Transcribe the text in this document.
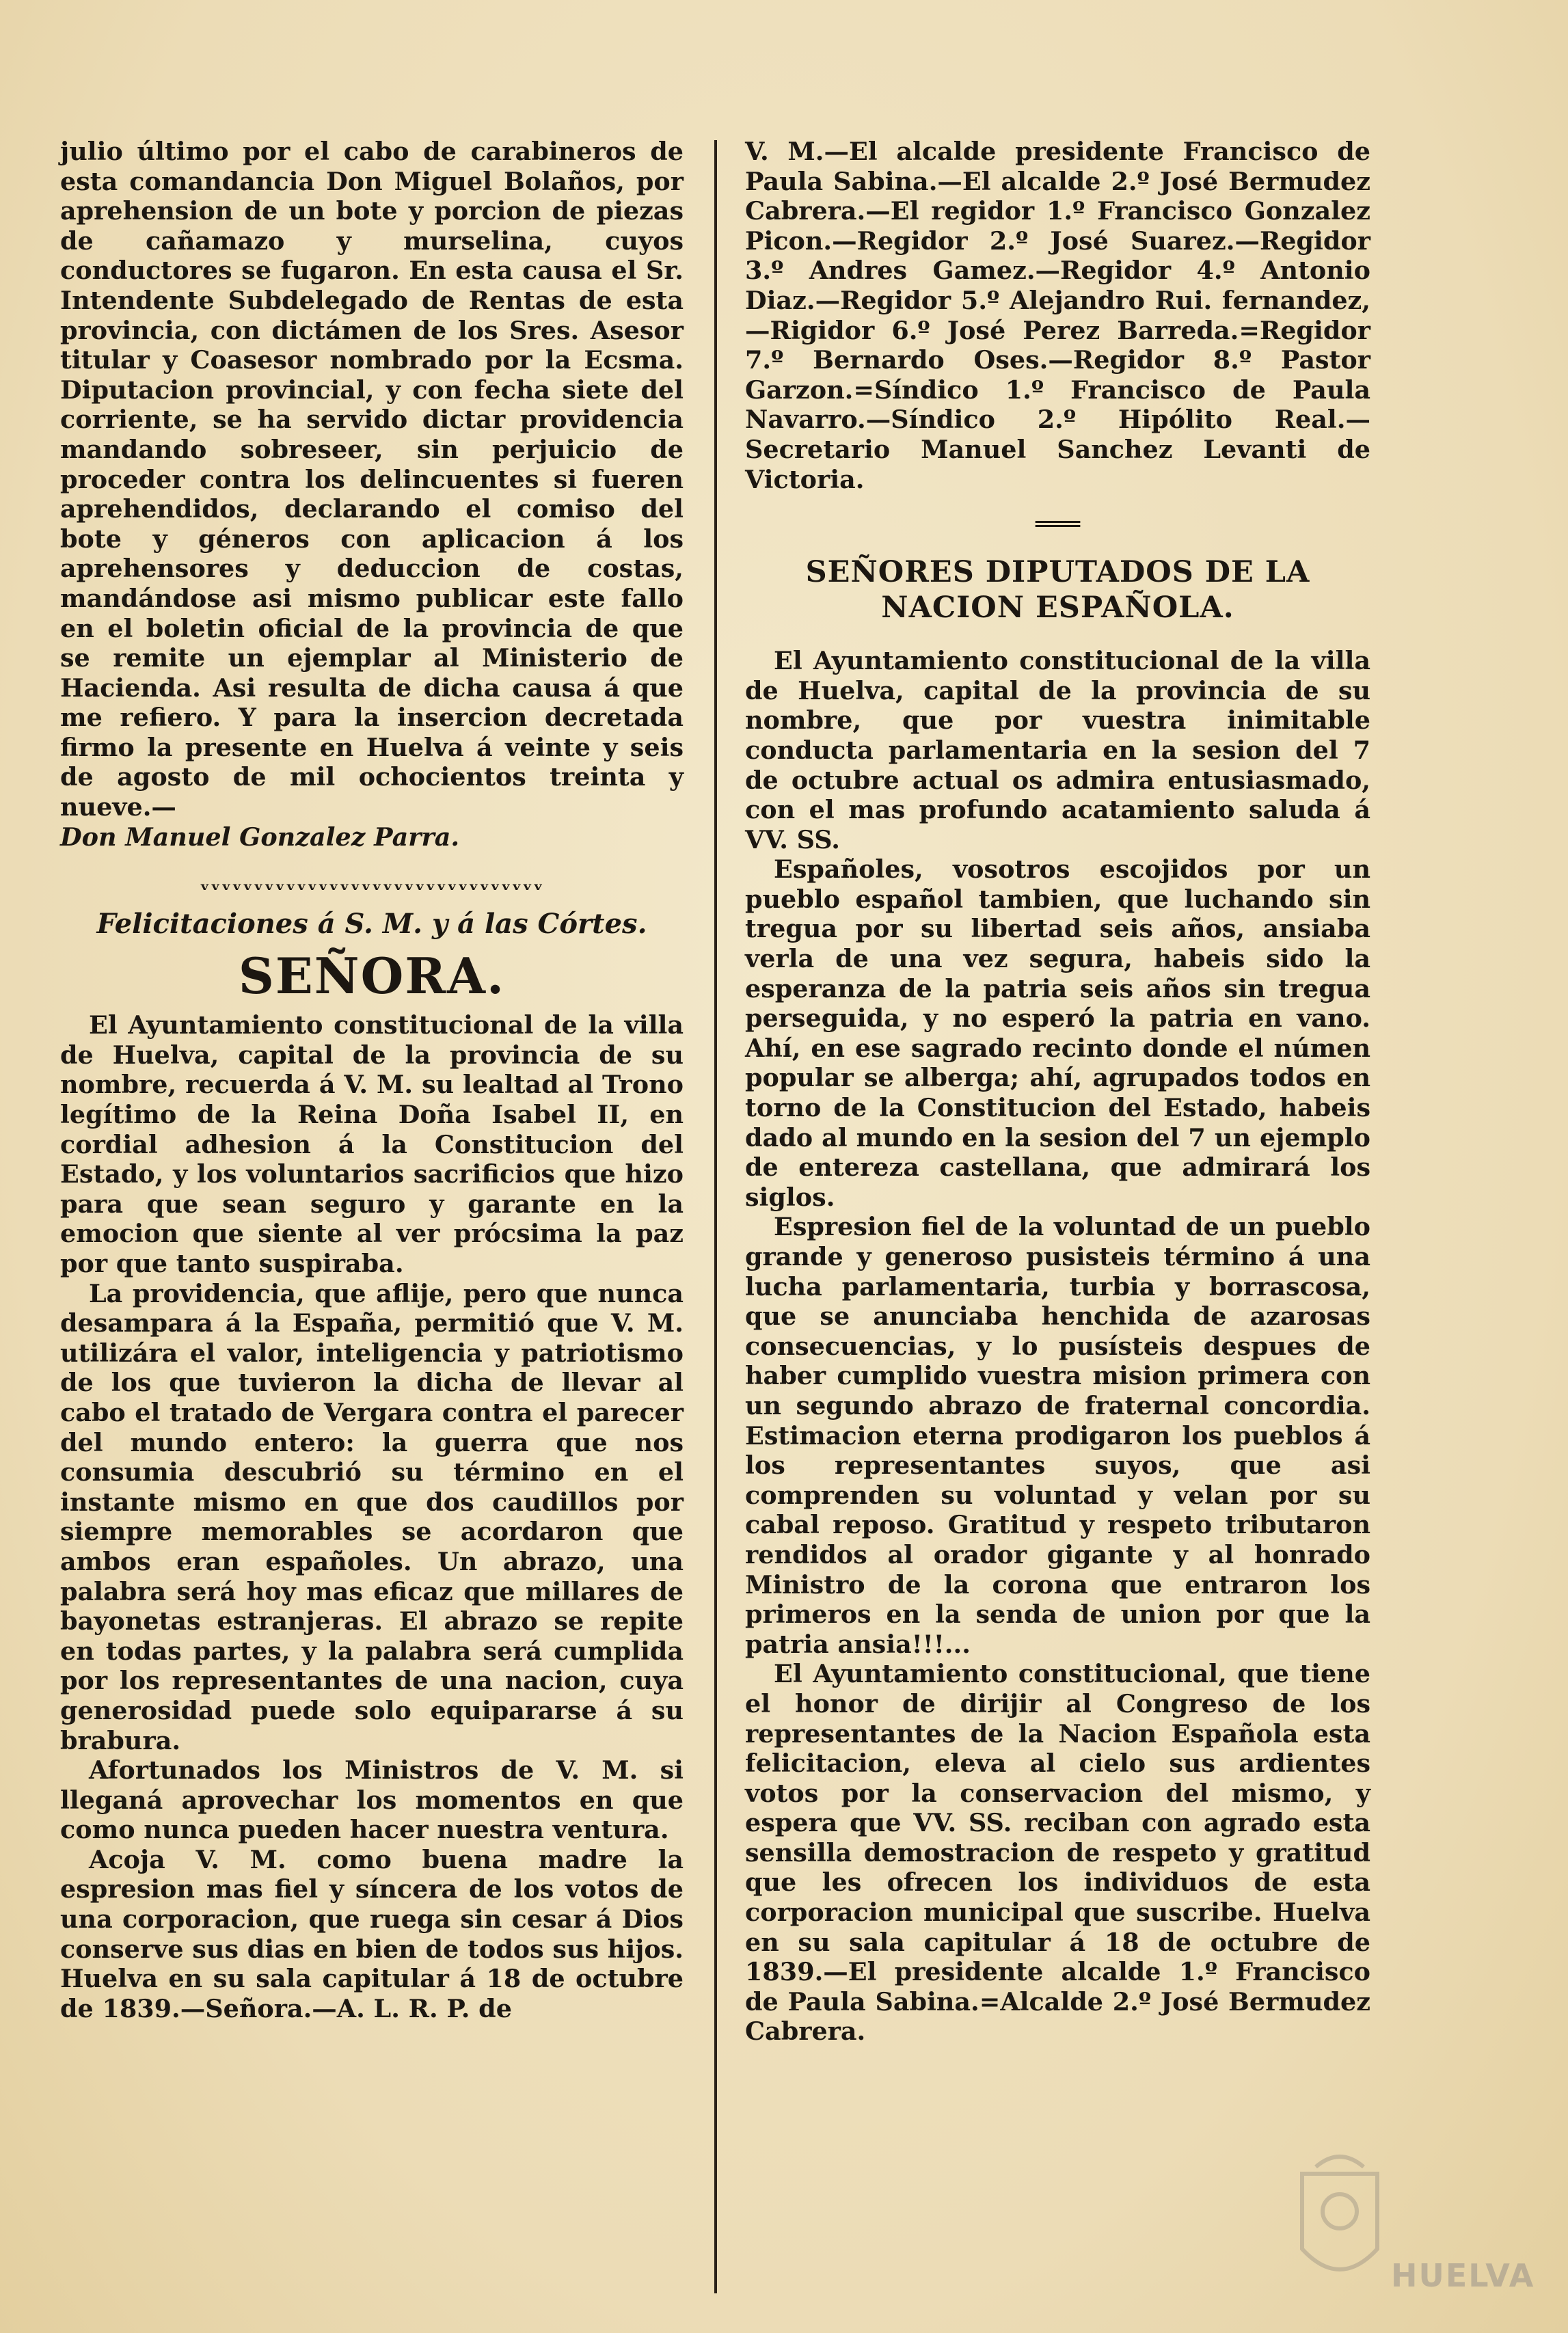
julio último por el cabo de carabineros de esta comandancia Don Miguel Bolaños, por aprehension de un bote y porcion de piezas de cañamazo y murselina, cuyos conductores se fugaron. En esta causa el Sr. Intendente Subdelegado de Rentas de esta provincia, con dictámen de los Sres. Asesor titular y Coasesor nombrado por la Ecsma. Diputacion provincial, y con fecha siete del corriente, se ha servido dictar providencia mandando sobreseer, sin perjuicio de proceder contra los delincuentes si fueren aprehendidos, declarando el comiso del bote y géneros con aplicacion á los aprehensores y deduccion de costas, mandándose asi mismo publicar este fallo en el boletin oficial de la provincia de que se remite un ejemplar al Ministerio de Hacienda. Asi resulta de dicha causa á que me refiero. Y para la insercion decretada firmo la presente en Huelva á veinte y seis de agosto de mil ochocientos treinta y nueve.—

Don Manuel Gonzalez Parra.

ᵥᵥᵥᵥᵥᵥᵥᵥᵥᵥᵥᵥᵥᵥᵥᵥᵥᵥᵥᵥᵥᵥᵥᵥᵥᵥᵥᵥᵥᵥᵥᵥ
Felicitaciones á S. M. y á las Córtes.
SEÑORA.

El Ayuntamiento constitucional de la villa de Huelva, capital de la provincia de su nombre, recuerda á V. M. su lealtad al Trono legítimo de la Reina Doña Isabel II, en cordial adhesion á la Constitucion del Estado, y los voluntarios sacrificios que hizo para que sean seguro y garante en la emocion que siente al ver prócsima la paz por que tanto suspiraba.

La providencia, que aflije, pero que nunca desampara á la España, permitió que V. M. utilizára el valor, inteligencia y patriotismo de los que tuvieron la dicha de llevar al cabo el tratado de Vergara contra el parecer del mundo entero: la guerra que nos consumia descubrió su término en el instante mismo en que dos caudillos por siempre memorables se acordaron que ambos eran españoles. Un abrazo, una palabra será hoy mas eficaz que millares de bayonetas estranjeras. El abrazo se repite en todas partes, y la palabra será cumplida por los representantes de una nacion, cuya generosidad puede solo equipararse á su brabura.

Afortunados los Ministros de V. M. si lleganá aprovechar los momentos en que como nunca pueden hacer nuestra ventura.

Acoja V. M. como buena madre la espresion mas fiel y síncera de los votos de una corporacion, que ruega sin cesar á Dios conserve sus dias en bien de todos sus hijos. Huelva en su sala capitular á 18 de octubre de 1839.—Señora.—A. L. R. P. de

V. M.—El alcalde presidente Francisco de Paula Sabina.—El alcalde 2.º José Bermudez Cabrera.—El regidor 1.º Francisco Gonzalez Picon.—Regidor 2.º José Suarez.—Regidor 3.º Andres Gamez.—Regidor 4.º Antonio Diaz.—Regidor 5.º Alejandro Rui. fernandez,—Rigidor 6.º José Perez Barreda.=Regidor 7.º Bernardo Oses.—Regidor 8.º Pastor Garzon.=Síndico 1.º Francisco de Paula Navarro.—Síndico 2.º Hipólito Real.—Secretario Manuel Sanchez Levanti de Victoria.

═══
SEÑORES DIPUTADOS DE LA NACION ESPAÑOLA.

El Ayuntamiento constitucional de la villa de Huelva, capital de la provincia de su nombre, que por vuestra inimitable conducta parlamentaria en la sesion del 7 de octubre actual os admira entusiasmado, con el mas profundo acatamiento saluda á VV. SS.

Españoles, vosotros escojidos por un pueblo español tambien, que luchando sin tregua por su libertad seis años, ansiaba verla de una vez segura, habeis sido la esperanza de la patria seis años sin tregua perseguida, y no esperó la patria en vano. Ahí, en ese sagrado recinto donde el númen popular se alberga; ahí, agrupados todos en torno de la Constitucion del Estado, habeis dado al mundo en la sesion del 7 un ejemplo de entereza castellana, que admirará los siglos.

Espresion fiel de la voluntad de un pueblo grande y generoso pusisteis término á una lucha parlamentaria, turbia y borrascosa, que se anunciaba henchida de azarosas consecuencias, y lo pusísteis despues de haber cumplido vuestra mision primera con un segundo abrazo de fraternal concordia. Estimacion eterna prodigaron los pueblos á los representantes suyos, que asi comprenden su voluntad y velan por su cabal reposo. Gratitud y respeto tributaron rendidos al orador gigante y al honrado Ministro de la corona que entraron los primeros en la senda de union por que la patria ansia!!!...

El Ayuntamiento constitucional, que tiene el honor de dirijir al Congreso de los representantes de la Nacion Española esta felicitacion, eleva al cielo sus ardientes votos por la conservacion del mismo, y espera que VV. SS. reciban con agrado esta sensilla demostracion de respeto y gratitud que les ofrecen los individuos de esta corporacion municipal que suscribe. Huelva en su sala capitular á 18 de octubre de 1839.—El presidente alcalde 1.º Francisco de Paula Sabina.=Alcalde 2.º José Bermudez Cabrera.

HUELVA
